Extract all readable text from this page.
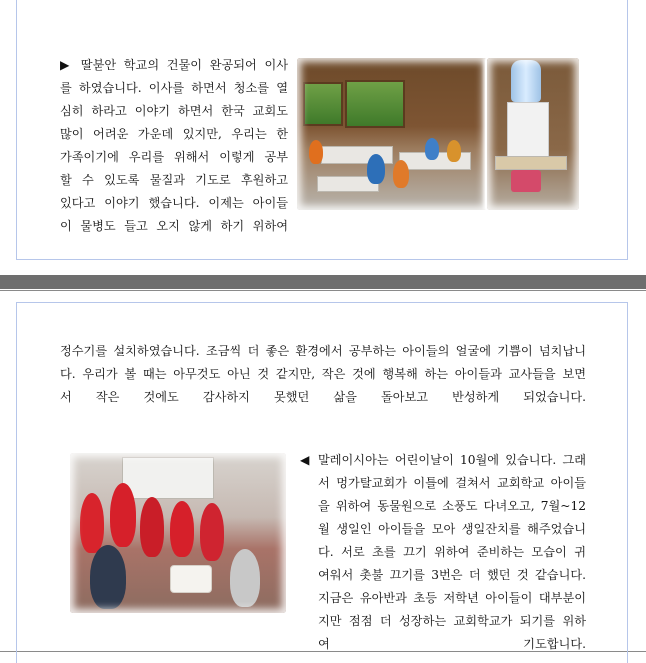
▶ 딸붇안 학교의 건물이 완공되어 이사
를 하였습니다. 이사를 하면서 청소를 열
심히 하라고 이야기 하면서 한국 교회도
많이 어려운 가운데 있지만, 우리는 한
가족이기에 우리를 위해서 이렇게 공부
할 수 있도록 물질과 기도로 후원하고
있다고 이야기 했습니다. 이제는 아이들
이 물병도 들고 오지 않게 하기 위하여
정수기를 설치하였습니다. 조금씩 더 좋은 환경에서 공부하는 아이들의 얼굴에 기쁨이 넘치납니
다. 우리가 볼 때는 아무것도 아닌 것 같지만, 작은 것에 행복해 하는 아이들과 교사들을 보면
서 작은 것에도 감사하지 못했던 삶을 돌아보고 반성하게 되었습니다.
◀ 말레이시아는 어린이날이 10월에 있습니다. 그래
서 멍가탈교회가 이틀에 걸쳐서 교회학교 아이들
을 위하여 동물원으로 소풍도 다녀오고, 7월~12
월 생일인 아이들을 모아 생일잔치를 해주었습니
다. 서로 초를 끄기 위하여 준비하는 모습이 귀
여워서 촛불 끄기를 3번은 더 했던 것 같습니다.
지금은 유아반과 초등 저학년 아이들이 대부분이
지만 점점 더 성장하는 교회학교가 되기를 위하
여 기도합니다.
